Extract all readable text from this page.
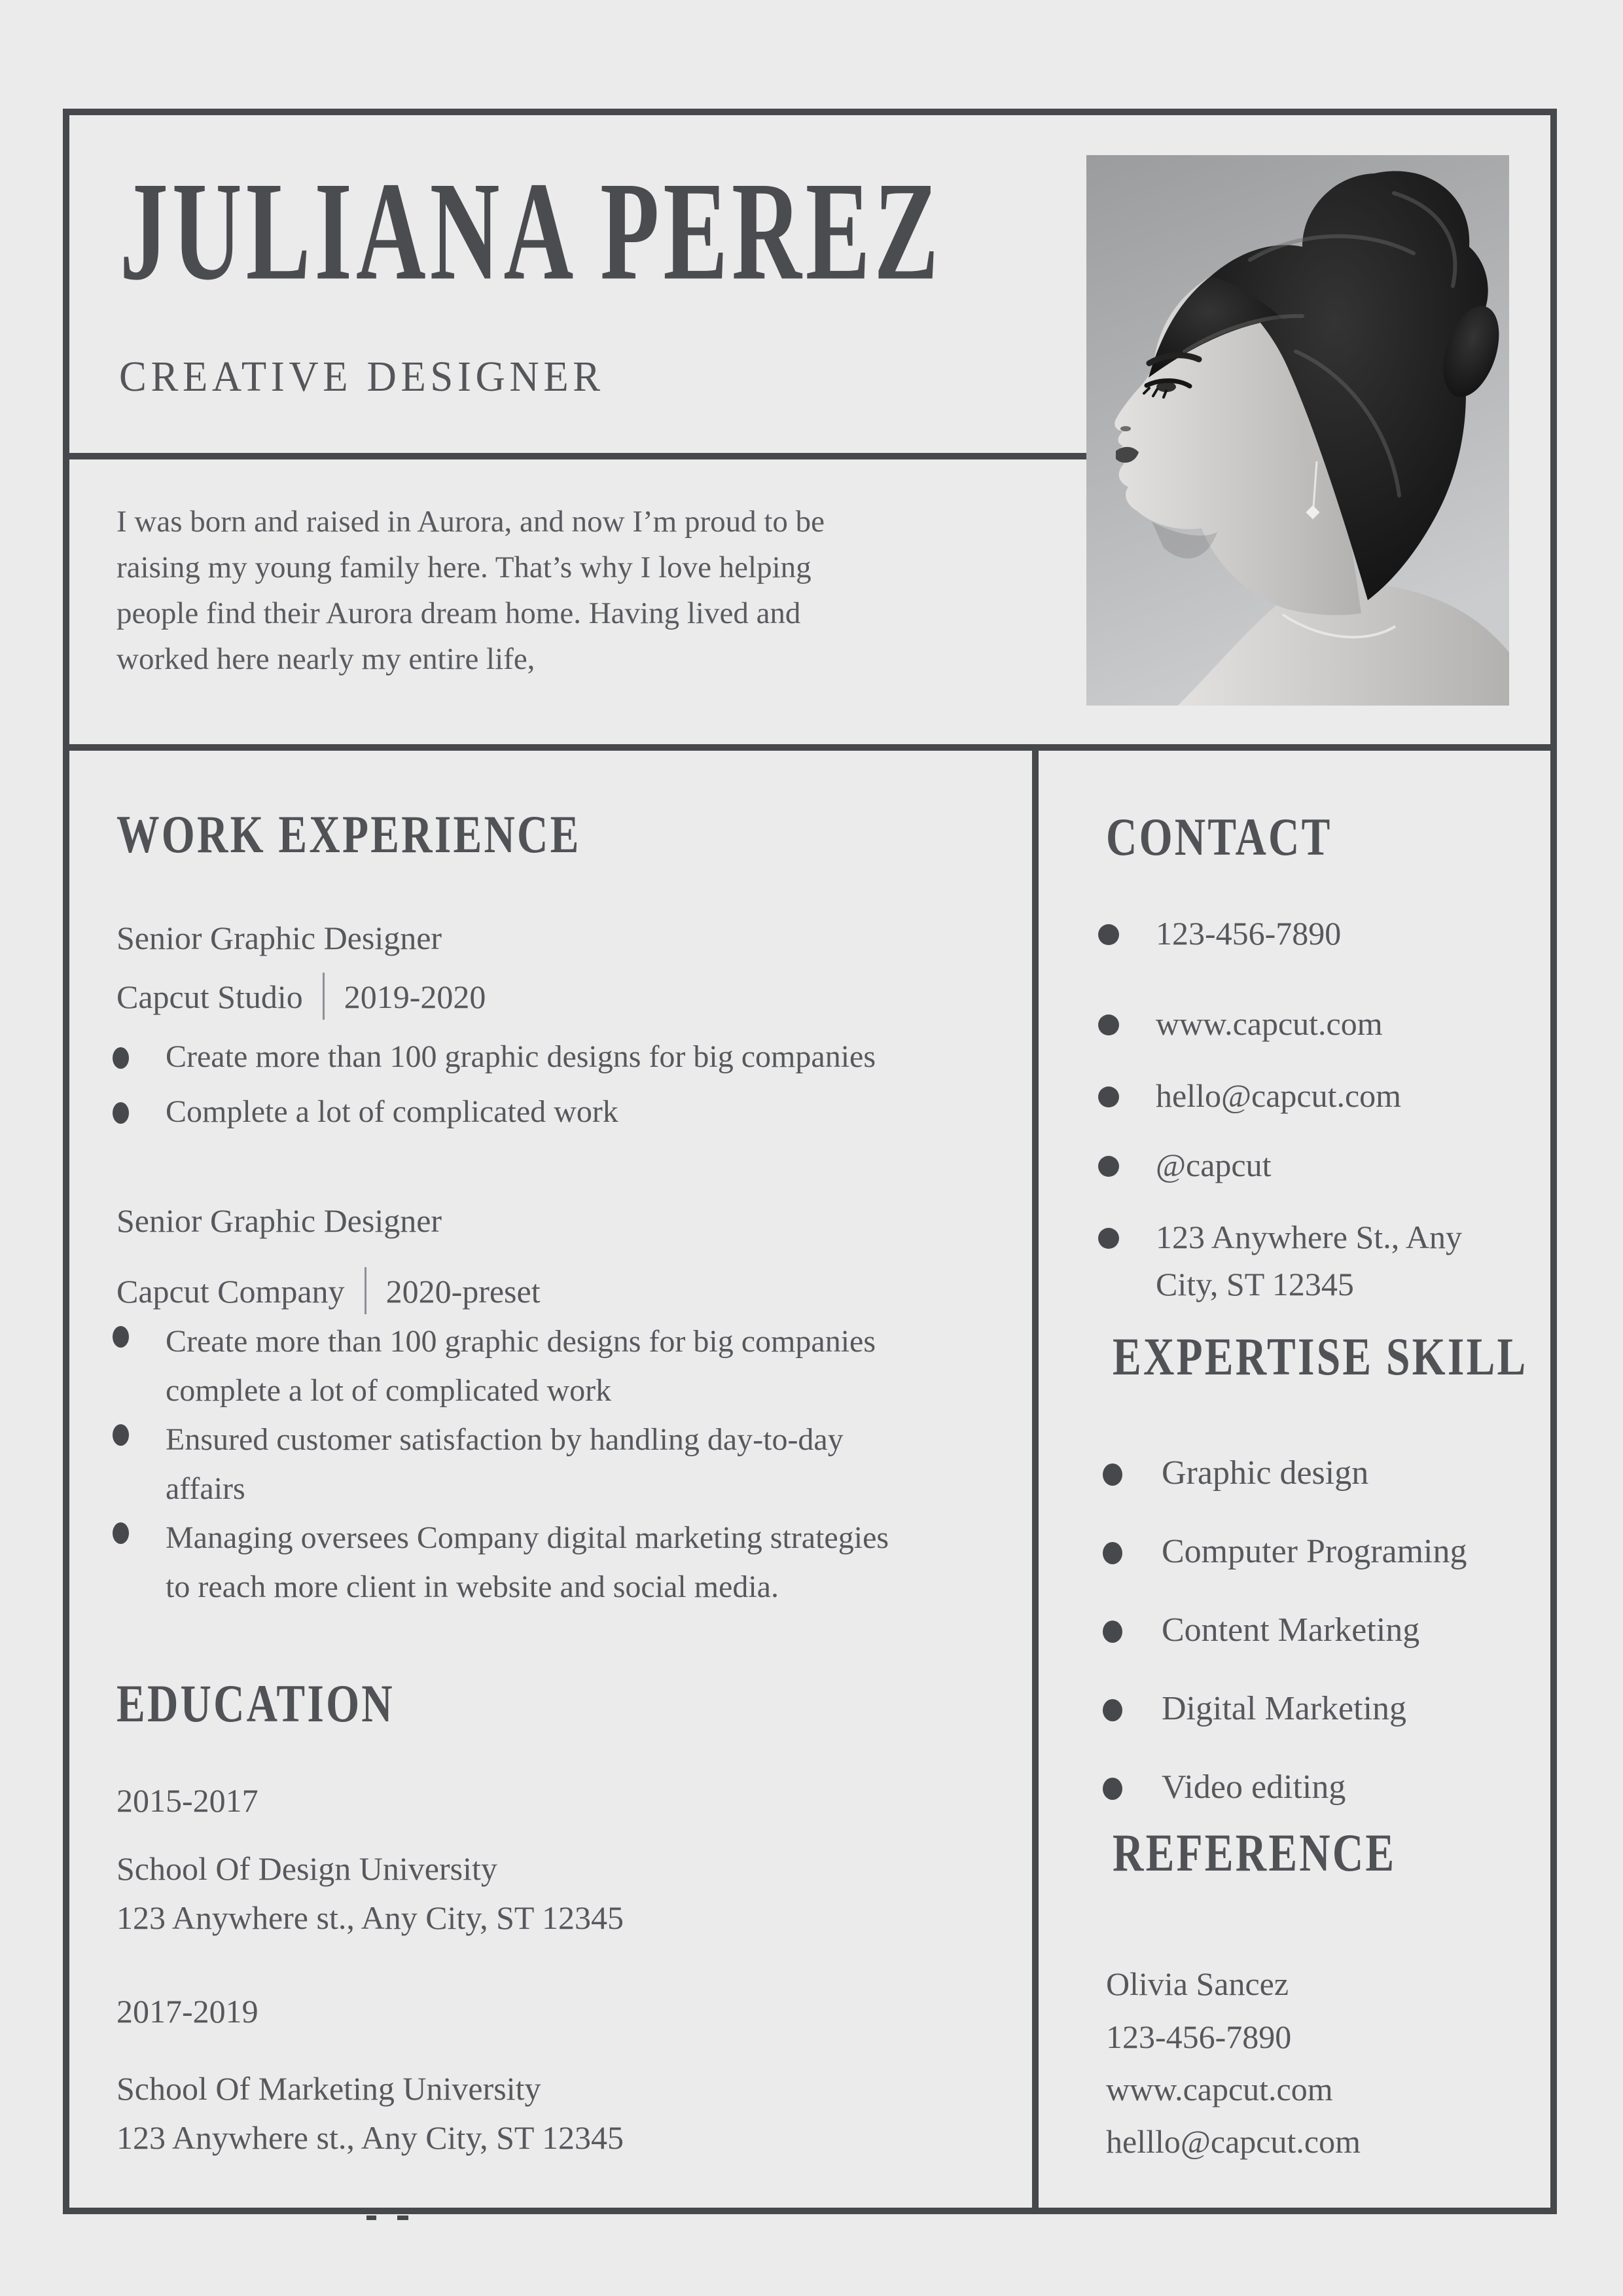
JULIANA PEREZ
CREATIVE DESIGNER
I was born and raised in Aurora, and now I’m proud to be
raising my young family here. That’s why I love helping
people find their Aurora dream home. Having lived and
worked here nearly my entire life,
WORK EXPERIENCE
Senior Graphic Designer
Capcut Studio 2019-2020
Create more than 100 graphic designs for big companies
Complete a lot of complicated work
Senior Graphic Designer
Capcut Company 2020-preset
Create more than 100 graphic designs for big companies
complete a lot of complicated work
Ensured customer satisfaction by handling day-to-day
affairs
Managing oversees Company digital marketing strategies
to reach more client in website and social media.
EDUCATION
2015-2017
School Of Design University
123 Anywhere st., Any City, ST 12345
2017-2019
School Of Marketing University
123 Anywhere st., Any City, ST 12345
CONTACT
123-456-7890
www.capcut.com
hello@capcut.com
@capcut
123 Anywhere St., Any
City, ST 12345
EXPERTISE SKILL
Graphic design
Computer Programing
Content Marketing
Digital Marketing
Video editing
REFERENCE
Olivia Sancez
123-456-7890
www.capcut.com
helllo@capcut.com
